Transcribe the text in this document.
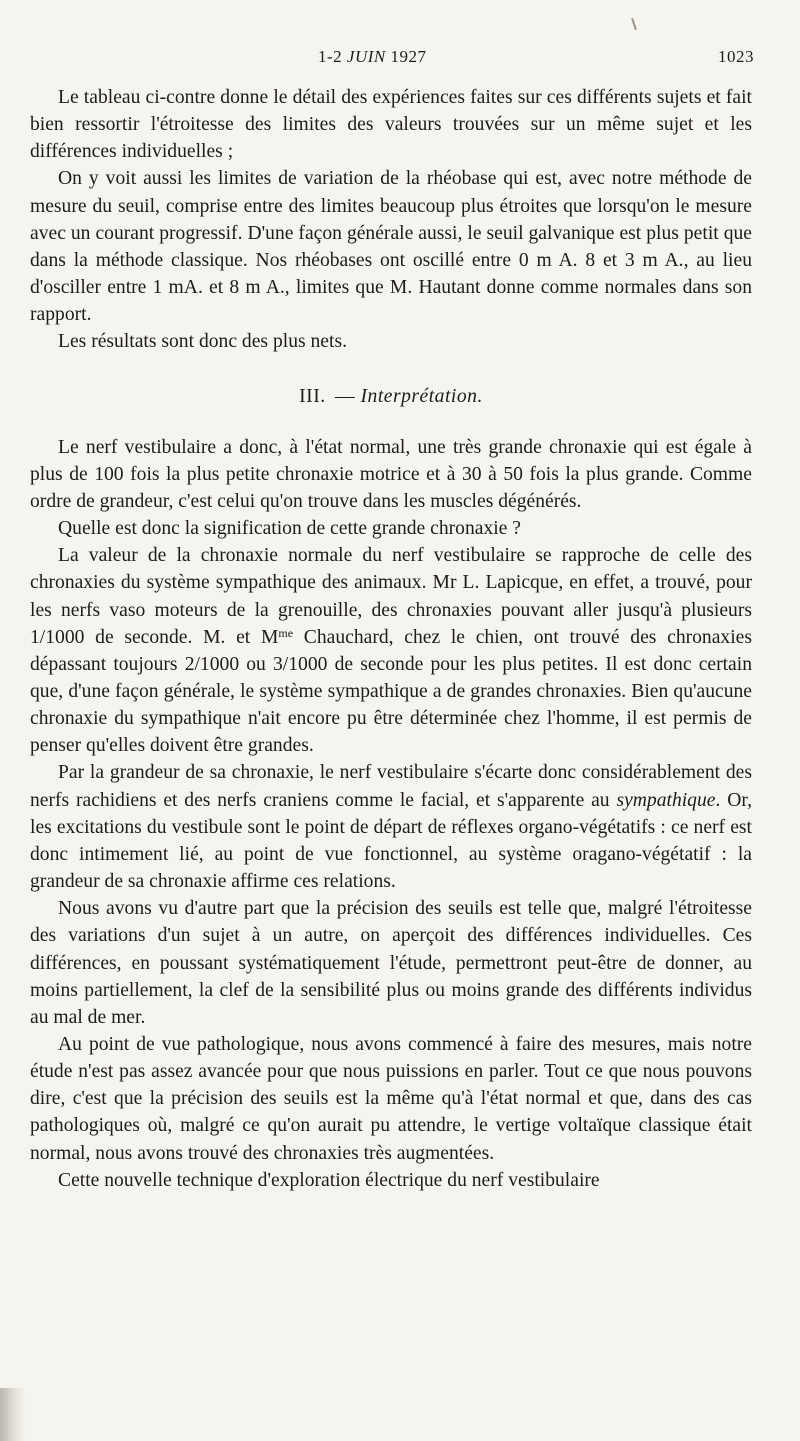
1-2 JUIN 1927	1023

Le tableau ci-contre donne le détail des expériences faites sur ces différents sujets et fait bien ressortir l'étroitesse des limites des valeurs trouvées sur un même sujet et les différences individuelles ;

On y voit aussi les limites de variation de la rhéobase qui est, avec notre méthode de mesure du seuil, comprise entre des limites beaucoup plus étroites que lorsqu'on le mesure avec un courant progressif. D'une façon générale aussi, le seuil galvanique est plus petit que dans la méthode classique. Nos rhéobases ont oscillé entre 0 m A. 8 et 3 m A., au lieu d'osciller entre 1 mA. et 8 m A., limites que M. Hautant donne comme normales dans son rapport.

Les résultats sont donc des plus nets.

III. — Interprétation.

Le nerf vestibulaire a donc, à l'état normal, une très grande chronaxie qui est égale à plus de 100 fois la plus petite chronaxie motrice et à 30 à 50 fois la plus grande. Comme ordre de grandeur, c'est celui qu'on trouve dans les muscles dégénérés.

Quelle est donc la signification de cette grande chronaxie ?

La valeur de la chronaxie normale du nerf vestibulaire se rapproche de celle des chronaxies du système sympathique des animaux. Mr L. Lapicque, en effet, a trouvé, pour les nerfs vaso moteurs de la grenouille, des chronaxies pouvant aller jusqu'à plusieurs 1/1000 de seconde. M. et $M^{me}$ Chauchard, chez le chien, ont trouvé des chronaxies dépassant toujours 2/1000 ou 3/1000 de seconde pour les plus petites. Il est donc certain que, d'une façon générale, le système sympathique a de grandes chronaxies. Bien qu'aucune chronaxie du sympathique n'ait encore pu être déterminée chez l'homme, il est permis de penser qu'elles doivent être grandes.

Par la grandeur de sa chronaxie, le nerf vestibulaire s'écarte donc considérablement des nerfs rachidiens et des nerfs craniens comme le facial, et s'apparente au sympathique. Or, les excitations du vestibule sont le point de départ de réflexes organo-végétatifs : ce nerf est donc intimement lié, au point de vue fonctionnel, au système oragano-végétatif : la grandeur de sa chronaxie affirme ces relations.

Nous avons vu d'autre part que la précision des seuils est telle que, malgré l'étroitesse des variations d'un sujet à un autre, on aperçoit des différences individuelles. Ces différences, en poussant systématiquement l'étude, permettront peut-être de donner, au moins partiellement, la clef de la sensibilité plus ou moins grande des différents individus au mal de mer.

Au point de vue pathologique, nous avons commencé à faire des mesures, mais notre étude n'est pas assez avancée pour que nous puissions en parler. Tout ce que nous pouvons dire, c'est que la précision des seuils est la même qu'à l'état normal et que, dans des cas pathologiques où, malgré ce qu'on aurait pu attendre, le vertige voltaïque classique était normal, nous avons trouvé des chronaxies très augmentées.

Cette nouvelle technique d'exploration électrique du nerf vestibulaire
